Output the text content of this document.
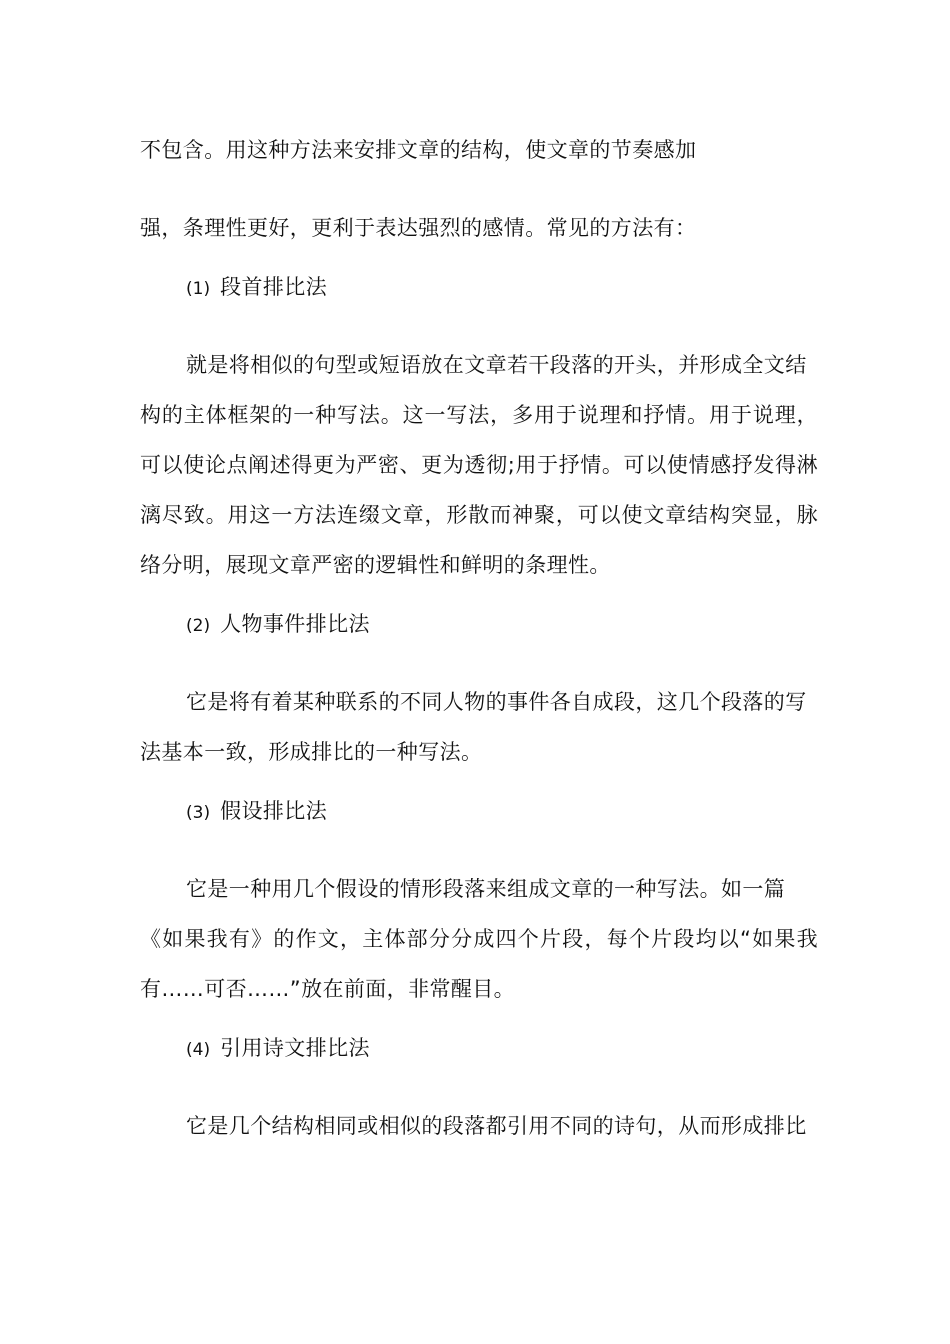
不包含。用这种方法来安排文章的结构，使文章的节奏感加
强，条理性更好，更利于表达强烈的感情。常见的方法有：
(1) 段首排比法
就是将相似的句型或短语放在文章若干段落的开头，并形成全文结
构的主体框架的一种写法。这一写法，多用于说理和抒情。用于说理，
可以使论点阐述得更为严密、更为透彻;用于抒情。可以使情感抒发得淋
漓尽致。用这一方法连缀文章，形散而神聚，可以使文章结构突显，脉
络分明，展现文章严密的逻辑性和鲜明的条理性。
(2) 人物事件排比法
它是将有着某种联系的不同人物的事件各自成段，这几个段落的写
法基本一致，形成排比的一种写法。
(3) 假设排比法
它是一种用几个假设的情形段落来组成文章的一种写法。如一篇
《如果我有》的作文，主体部分分成四个片段，每个片段均以“如果我
有……可否……”放在前面，非常醒目。
(4) 引用诗文排比法
它是几个结构相同或相似的段落都引用不同的诗句，从而形成排比
